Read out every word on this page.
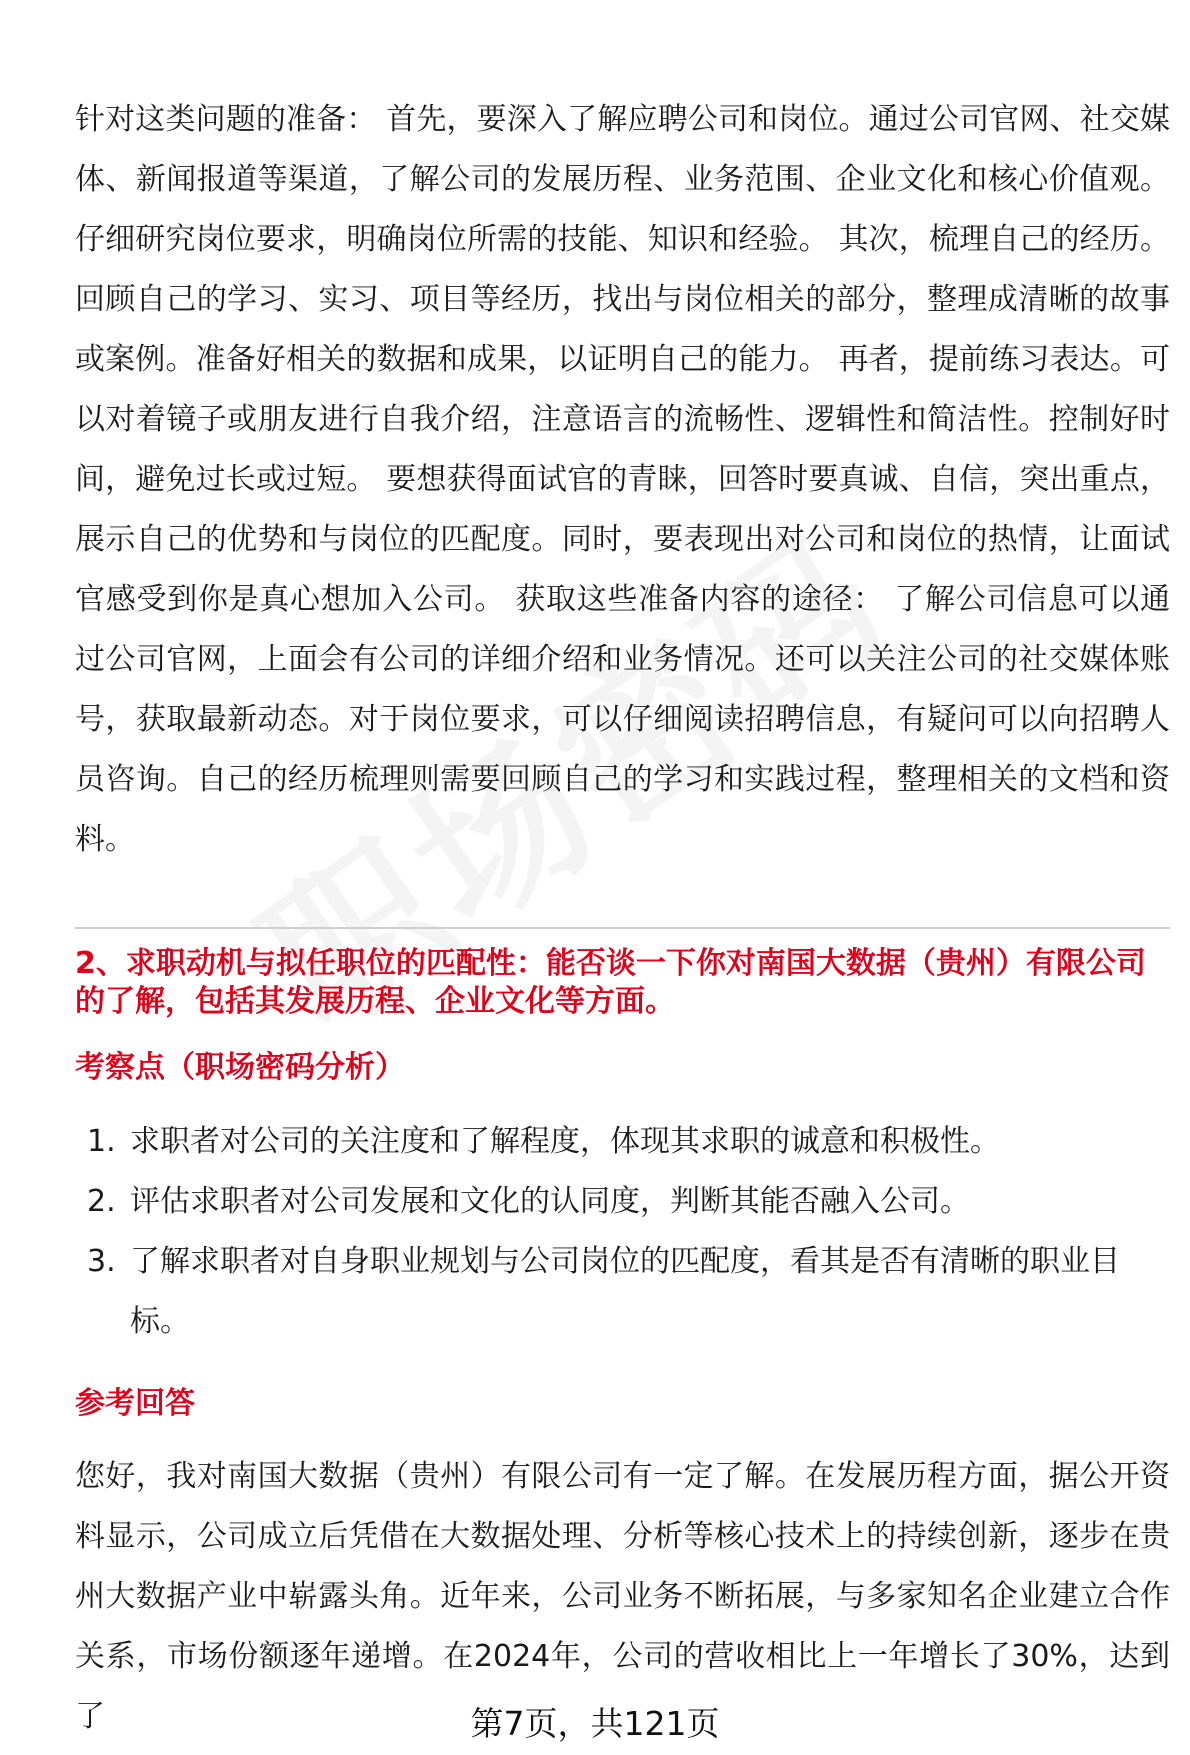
针对这类问题的准备： 首先，要深入了解应聘公司和岗位。通过公司官网、社交媒体、新闻报道等渠道，了解公司的发展历程、业务范围、企业文化和核心价值观。仔细研究岗位要求，明确岗位所需的技能、知识和经验。 其次，梳理自己的经历。回顾自己的学习、实习、项目等经历，找出与岗位相关的部分，整理成清晰的故事或案例。准备好相关的数据和成果，以证明自己的能力。 再者，提前练习表达。可以对着镜子或朋友进行自我介绍，注意语言的流畅性、逻辑性和简洁性。控制好时间，避免过长或过短。 要想获得面试官的青睐，回答时要真诚、自信，突出重点，展示自己的优势和与岗位的匹配度。同时，要表现出对公司和岗位的热情，让面试官感受到你是真心想加入公司。 获取这些准备内容的途径： 了解公司信息可以通过公司官网，上面会有公司的详细介绍和业务情况。还可以关注公司的社交媒体账号，获取最新动态。对于岗位要求，可以仔细阅读招聘信息，有疑问可以向招聘人员咨询。自己的经历梳理则需要回顾自己的学习和实践过程，整理相关的文档和资料。

2、求职动机与拟任职位的匹配性：能否谈一下你对南国大数据（贵州）有限公司的了解，包括其发展历程、企业文化等方面。

考察点（职场密码分析）

1. 求职者对公司的关注度和了解程度，体现其求职的诚意和积极性。
2. 评估求职者对公司发展和文化的认同度，判断其能否融入公司。
3. 了解求职者对自身职业规划与公司岗位的匹配度，看其是否有清晰的职业目标。

参考回答

您好，我对南国大数据（贵州）有限公司有一定了解。在发展历程方面，据公开资料显示，公司成立后凭借在大数据处理、分析等核心技术上的持续创新，逐步在贵州大数据产业中崭露头角。近年来，公司业务不断拓展，与多家知名企业建立合作关系，市场份额逐年递增。在2024年，公司的营收相比上一年增长了30%，达到了	第7页，共121页
